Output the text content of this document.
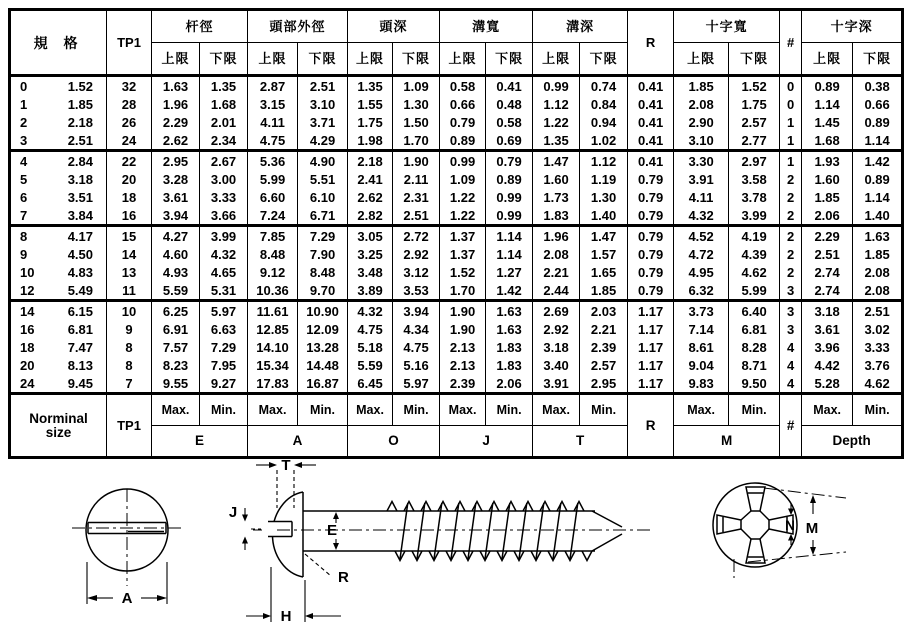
規 格	TP1	杆徑		頭部外徑		頭深		溝寬		溝深		R	十字寬		#	十字深	
		上限	下限	上限	下限	上限	下限	上限	下限	上限	下限		上限	下限		上限	下限

0 1.52	32	1.63	1.35	2.87	2.51	1.35	1.09	0.58	0.41	0.99	0.74	0.41	1.85	1.52	0	0.89	0.38

1 1.85	28	1.96	1.68	3.15	3.10	1.55	1.30	0.66	0.48	1.12	0.84	0.41	2.08	1.75	0	1.14	0.66

2 2.18	26	2.29	2.01	4.11	3.71	1.75	1.50	0.79	0.58	1.22	0.94	0.41	2.90	2.57	1	1.45	0.89

3 2.51	24	2.62	2.34	4.75	4.29	1.98	1.70	0.89	0.69	1.35	1.02	0.41	3.10	2.77	1	1.68	1.14

4 2.84	22	2.95	2.67	5.36	4.90	2.18	1.90	0.99	0.79	1.47	1.12	0.41	3.30	2.97	1	1.93	1.42

5 3.18	20	3.28	3.00	5.99	5.51	2.41	2.11	1.09	0.89	1.60	1.19	0.79	3.91	3.58	2	1.60	0.89

6 3.51	18	3.61	3.33	6.60	6.10	2.62	2.31	1.22	0.99	1.73	1.30	0.79	4.11	3.78	2	1.85	1.14

7 3.84	16	3.94	3.66	7.24	6.71	2.82	2.51	1.22	0.99	1.83	1.40	0.79	4.32	3.99	2	2.06	1.40

8 4.17	15	4.27	3.99	7.85	7.29	3.05	2.72	1.37	1.14	1.96	1.47	0.79	4.52	4.19	2	2.29	1.63

9 4.50	14	4.60	4.32	8.48	7.90	3.25	2.92	1.37	1.14	2.08	1.57	0.79	4.72	4.39	2	2.51	1.85

10 4.83	13	4.93	4.65	9.12	8.48	3.48	3.12	1.52	1.27	2.21	1.65	0.79	4.95	4.62	2	2.74	2.08

12 5.49	11	5.59	5.31	10.36	9.70	3.89	3.53	1.70	1.42	2.44	1.85	0.79	6.32	5.99	3	2.74	2.08

14 6.15	10	6.25	5.97	11.61	10.90	4.32	3.94	1.90	1.63	2.69	2.03	1.17	3.73	6.40	3	3.18	2.51

16 6.81	9	6.91	6.63	12.85	12.09	4.75	4.34	1.90	1.63	2.92	2.21	1.17	7.14	6.81	3	3.61	3.02

18 7.47	8	7.57	7.29	14.10	13.28	5.18	4.75	2.13	1.83	3.18	2.39	1.17	8.61	8.28	4	3.96	3.33

20 8.13	8	8.23	7.95	15.34	14.48	5.59	5.16	2.13	1.83	3.40	2.57	1.17	9.04	8.71	4	4.42	3.76

24 9.45	7	9.55	9.27	17.83	16.87	6.45	5.97	2.39	2.06	3.91	2.95	1.17	9.83	9.50	4	5.28	4.62

Norminal
size	TP1	Max.	Min.	Max.	Min.	Max.	Min.	Max.	Min.	Max.	Min.	R	Max.	Min.	#	Max.	Min.
		E		A		O		J		T			M			Depth	
A
T
J
E
R
H
N M
